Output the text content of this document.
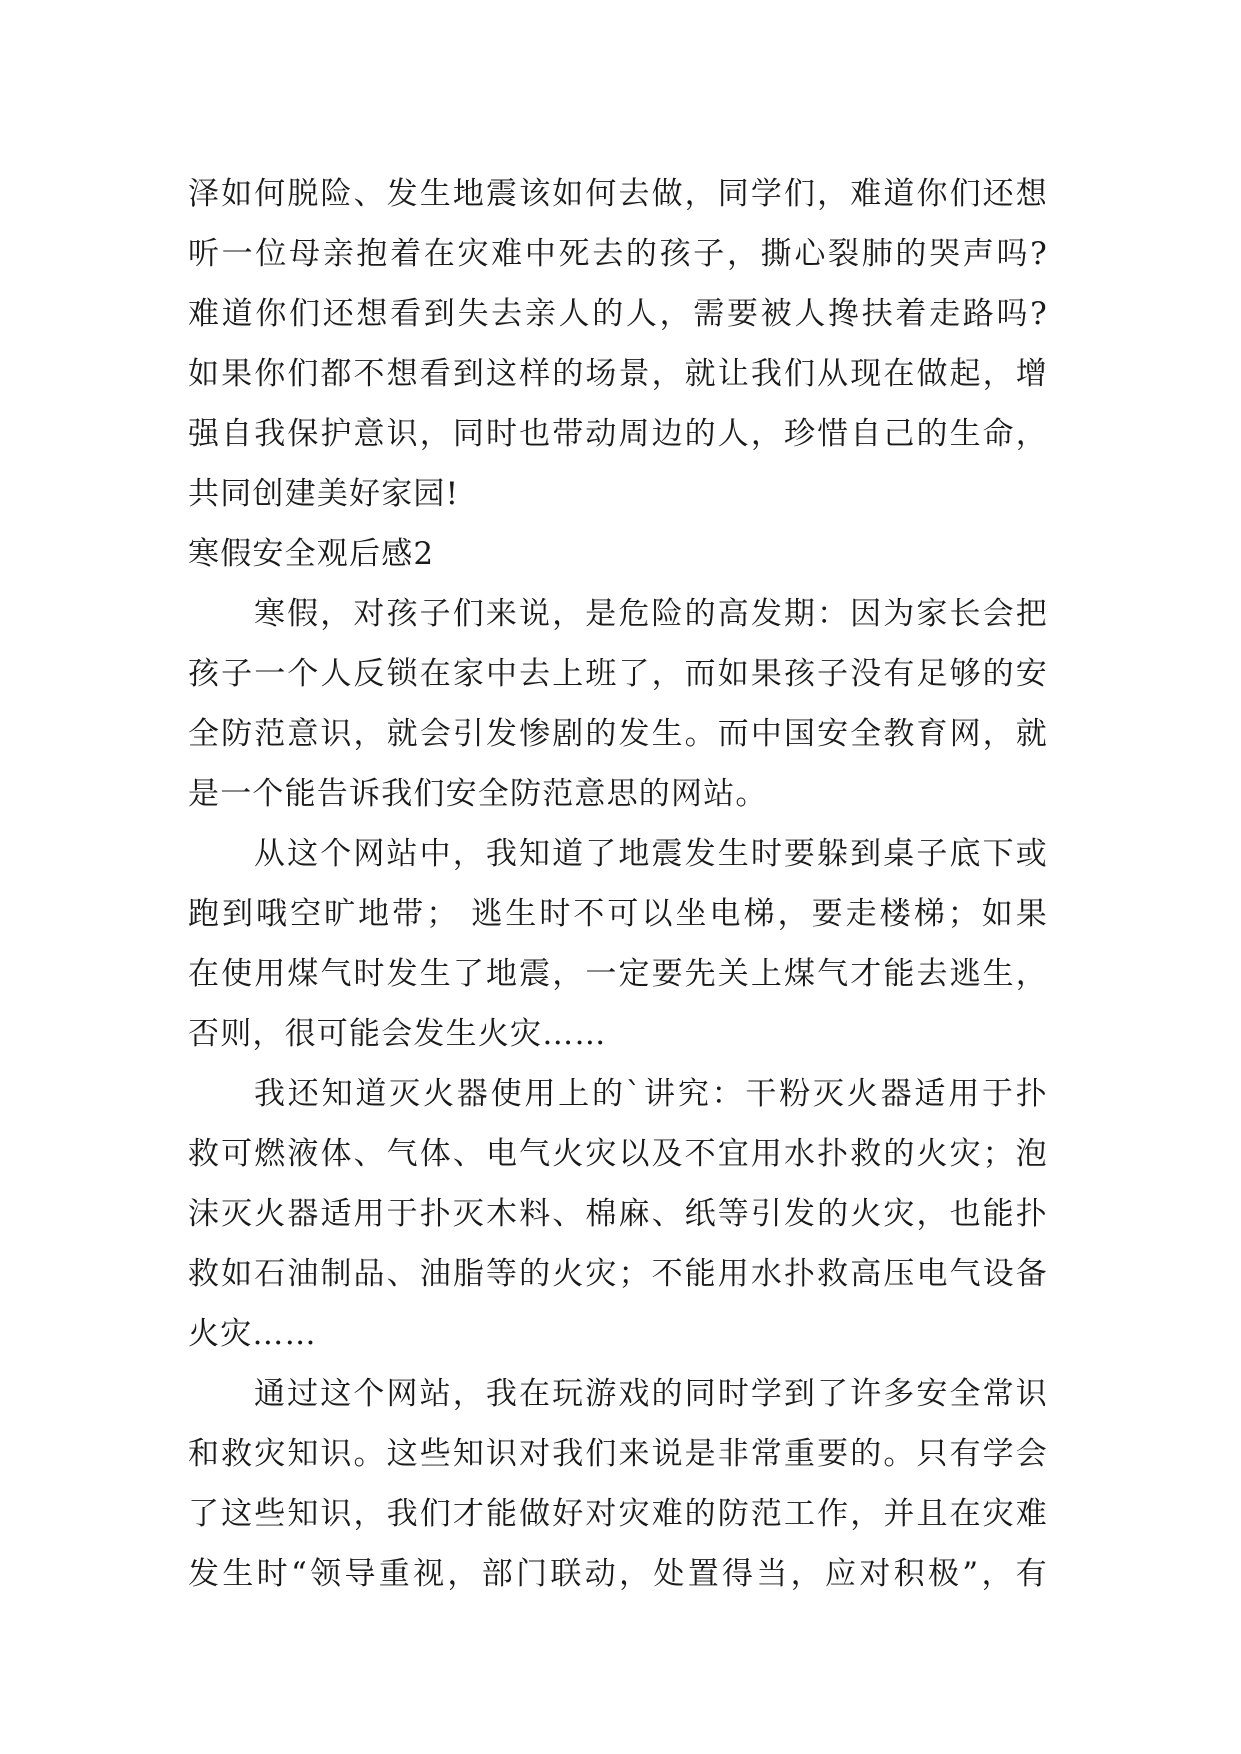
泽如何脱险、发生地震该如何去做，同学们，难道你们还想
听一位母亲抱着在灾难中死去的孩子，撕心裂肺的哭声吗?
难道你们还想看到失去亲人的人，需要被人搀扶着走路吗?
如果你们都不想看到这样的场景，就让我们从现在做起，增
强自我保护意识，同时也带动周边的人，珍惜自己的生命，
共同创建美好家园!

寒假安全观后感2

寒假，对孩子们来说，是危险的高发期：因为家长会把
孩子一个人反锁在家中去上班了，而如果孩子没有足够的安
全防范意识，就会引发惨剧的发生。而中国安全教育网，就
是一个能告诉我们安全防范意思的网站。

从这个网站中，我知道了地震发生时要躲到桌子底下或
跑到哦空旷地带； 逃生时不可以坐电梯，要走楼梯；如果
在使用煤气时发生了地震，一定要先关上煤气才能去逃生，
否则，很可能会发生火灾……

我还知道灭火器使用上的`讲究：干粉灭火器适用于扑
救可燃液体、气体、电气火灾以及不宜用水扑救的火灾；泡
沫灭火器适用于扑灭木料、棉麻、纸等引发的火灾，也能扑
救如石油制品、油脂等的火灾；不能用水扑救高压电气设备
火灾……

通过这个网站，我在玩游戏的同时学到了许多安全常识
和救灾知识。这些知识对我们来说是非常重要的。只有学会
了这些知识，我们才能做好对灾难的防范工作，并且在灾难
发生时“领导重视，部门联动，处置得当，应对积极”，有
